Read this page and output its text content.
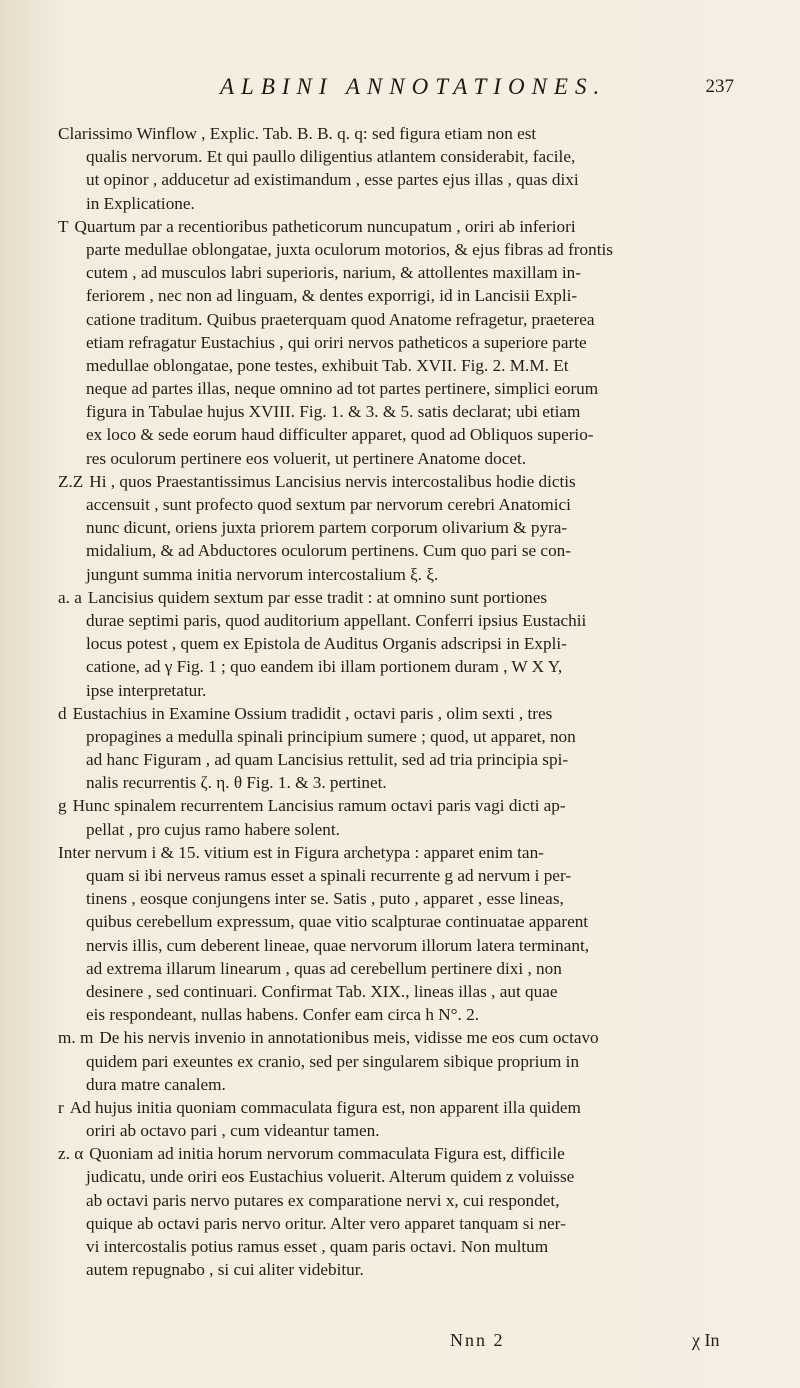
ALBINI ANNOTATIONES.	237
Clarissimo Winflow , Explic. Tab. B. B. q. q: sed figura etiam non est
qualis nervorum. Et qui paullo diligentius atlantem considerabit, facile,
ut opinor , adducetur ad existimandum , esse partes ejus illas , quas dixi
in Explicatione.
T Quartum par a recentioribus patheticorum nuncupatum , oriri ab inferiori
parte medullae oblongatae, juxta oculorum motorios, & ejus fibras ad frontis
cutem , ad musculos labri superioris, narium, & attollentes maxillam in-
feriorem , nec non ad linguam, & dentes exporrigi, id in Lancisii Expli-
catione traditum. Quibus praeterquam quod Anatome refragetur, praeterea
etiam refragatur Eustachius , qui oriri nervos patheticos a superiore parte
medullae oblongatae, pone testes, exhibuit Tab. XVII. Fig. 2. M.M. Et
neque ad partes illas, neque omnino ad tot partes pertinere, simplici eorum
figura in Tabulae hujus XVIII. Fig. 1. & 3. & 5. satis declarat; ubi etiam
ex loco & sede eorum haud difficulter apparet, quod ad Obliquos superio-
res oculorum pertinere eos voluerit, ut pertinere Anatome docet.
Z.Z Hi , quos Praestantissimus Lancisius nervis intercostalibus hodie dictis
accensuit , sunt profecto quod sextum par nervorum cerebri Anatomici
nunc dicunt, oriens juxta priorem partem corporum olivarium & pyra-
midalium, & ad Abductores oculorum pertinens. Cum quo pari se con-
jungunt summa initia nervorum intercostalium ξ. ξ.
a. a Lancisius quidem sextum par esse tradit : at omnino sunt portiones
durae septimi paris, quod auditorium appellant. Conferri ipsius Eustachii
locus potest , quem ex Epistola de Auditus Organis adscripsi in Expli-
catione, ad γ Fig. 1 ; quo eandem ibi illam portionem duram , W X Y,
ipse interpretatur.
d Eustachius in Examine Ossium tradidit , octavi paris , olim sexti , tres
propagines a medulla spinali principium sumere ; quod, ut apparet, non
ad hanc Figuram , ad quam Lancisius rettulit, sed ad tria principia spi-
nalis recurrentis ζ. η. θ Fig. 1. & 3. pertinet.
g Hunc spinalem recurrentem Lancisius ramum octavi paris vagi dicti ap-
pellat , pro cujus ramo habere solent.
Inter nervum i & 15. vitium est in Figura archetypa : apparet enim tan-
quam si ibi nerveus ramus esset a spinali recurrente g ad nervum i per-
tinens , eosque conjungens inter se. Satis , puto , apparet , esse lineas,
quibus cerebellum expressum, quae vitio scalpturae continuatae apparent
nervis illis, cum deberent lineae, quae nervorum illorum latera terminant,
ad extrema illarum linearum , quas ad cerebellum pertinere dixi , non
desinere , sed continuari. Confirmat Tab. XIX., lineas illas , aut quae
eis respondeant, nullas habens. Confer eam circa h N°. 2.
m. m De his nervis invenio in annotationibus meis, vidisse me eos cum octavo
quidem pari exeuntes ex cranio, sed per singularem sibique proprium in
dura matre canalem.
r Ad hujus initia quoniam commaculata figura est, non apparent illa quidem
oriri ab octavo pari , cum videantur tamen.
z. α Quoniam ad initia horum nervorum commaculata Figura est, difficile
judicatu, unde oriri eos Eustachius voluerit. Alterum quidem z voluisse
ab octavi paris nervo putares ex comparatione nervi x, cui respondet,
quique ab octavi paris nervo oritur. Alter vero apparet tanquam si ner-
vi intercostalis potius ramus esset , quam paris octavi. Non multum
autem repugnabo , si cui aliter videbitur.
Nnn 2	χ In
